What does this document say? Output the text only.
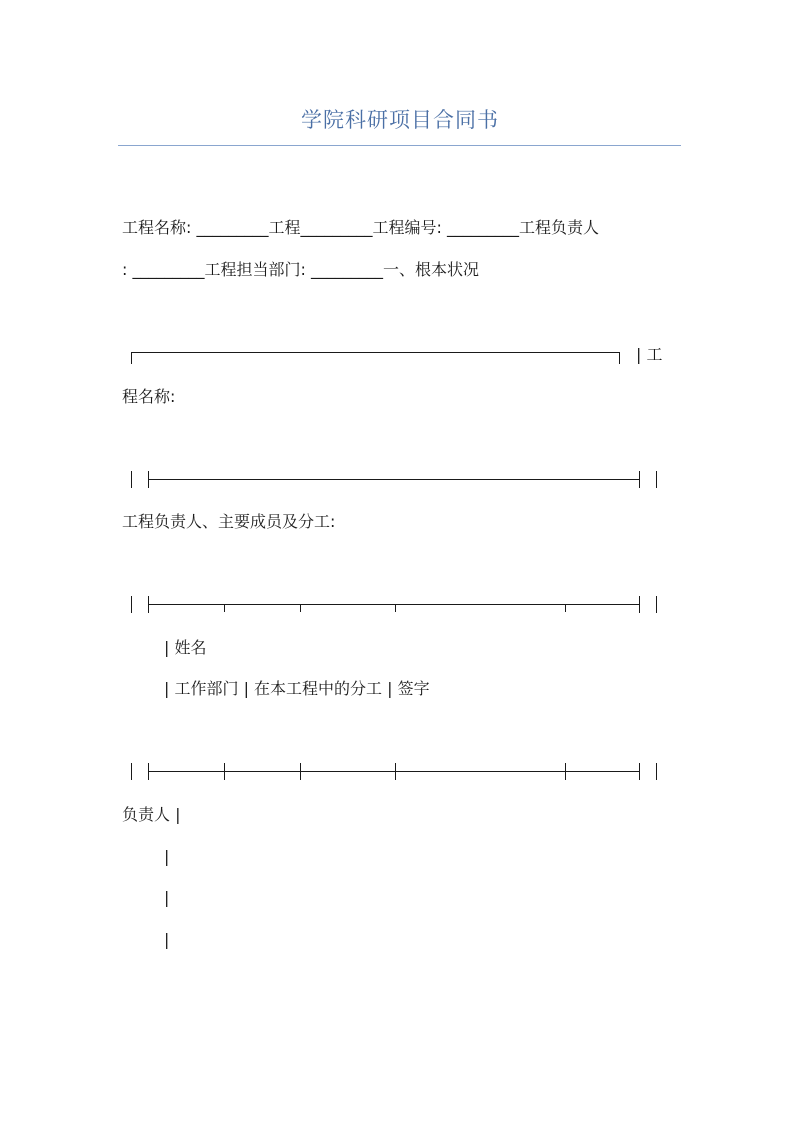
学院科研项目合同书
工程名称: _________工程_________工程编号: _________工程负责人
: _________工程担当部门: _________一、根本状况
| 工
程名称:
工程负责人、主要成员及分工:
| 姓名
| 工作部门 | 在本工程中的分工 | 签字
负责人 |
|
|
|
